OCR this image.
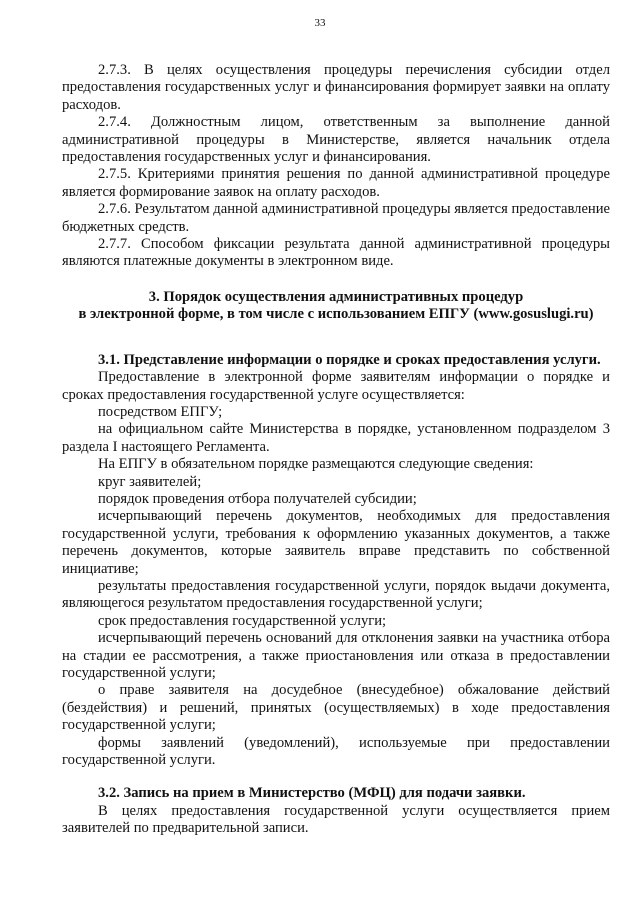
33

2.7.3. В целях осуществления процедуры перечисления субсидии отдел предоставления государственных услуг и финансирования формирует заявки на оплату расходов.

2.7.4. Должностным лицом, ответственным за выполнение данной административной процедуры в Министерстве, является начальник отдела предоставления государственных услуг и финансирования.

2.7.5. Критериями принятия решения по данной административной процедуре является формирование заявок на оплату расходов.

2.7.6. Результатом данной административной процедуры является предоставление бюджетных средств.

2.7.7. Способом фиксации результата данной административной процедуры являются платежные документы в электронном виде.

3. Порядок осуществления административных процедур
в электронной форме, в том числе с использованием ЕПГУ (www.gosuslugi.ru)

3.1. Представление информации о порядке и сроках предоставления услуги.

Предоставление в электронной форме заявителям информации о порядке и сроках предоставления государственной услуге осуществляется:

посредством ЕПГУ;

на официальном сайте Министерства в порядке, установленном подразделом 3 раздела I настоящего Регламента.

На ЕПГУ в обязательном порядке размещаются следующие сведения:

круг заявителей;

порядок проведения отбора получателей субсидии;

исчерпывающий перечень документов, необходимых для предоставления государственной услуги, требования к оформлению указанных документов, а также перечень документов, которые заявитель вправе представить по собственной инициативе;

результаты предоставления государственной услуги, порядок выдачи документа, являющегося результатом предоставления государственной услуги;

срок предоставления государственной услуги;

исчерпывающий перечень оснований для отклонения заявки на участника отбора на стадии ее рассмотрения, а также приостановления или отказа в предоставлении государственной услуги;

о праве заявителя на досудебное (внесудебное) обжалование действий (бездействия) и решений, принятых (осуществляемых) в ходе предоставления государственной услуги;

формы заявлений (уведомлений), используемые при предоставлении государственной услуги.

3.2. Запись на прием в Министерство (МФЦ) для подачи заявки.

В целях предоставления государственной услуги осуществляется прием заявителей по предварительной записи.
